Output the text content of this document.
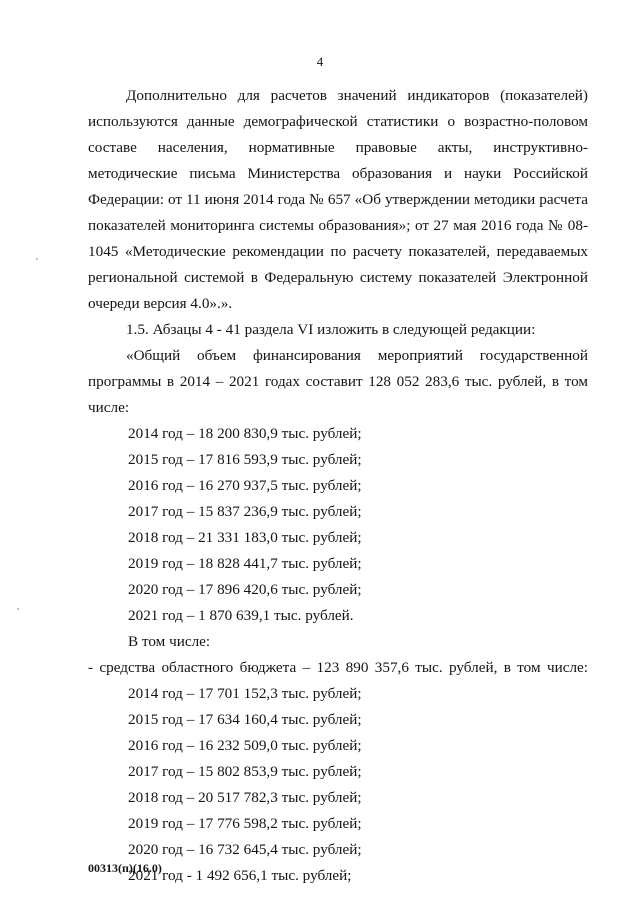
4

Дополнительно для расчетов значений индикаторов (показателей) используются данные демографической статистики о возрастно-половом составе населения, нормативные правовые акты, инструктивно-методические письма Министерства образования и науки Российской Федерации: от 11 июня 2014 года № 657 «Об утверждении методики расчета показателей мониторинга системы образования»; от 27 мая 2016 года № 08-1045 «Методические рекомендации по расчету показателей, передаваемых региональной системой в Федеральную систему показателей Электронной очереди версия 4.0».».

1.5. Абзацы 4 - 41 раздела VI изложить в следующей редакции:

«Общий объем финансирования мероприятий государственной программы в 2014 – 2021 годах составит 128 052 283,6 тыс. рублей, в том числе:

2014 год – 18 200 830,9 тыс. рублей;
2015 год – 17 816 593,9 тыс. рублей;
2016 год – 16 270 937,5 тыс. рублей;
2017 год – 15 837 236,9 тыс. рублей;
2018 год – 21 331 183,0 тыс. рублей;
2019 год – 18 828 441,7 тыс. рублей;
2020 год – 17 896 420,6 тыс. рублей;
2021 год – 1 870 639,1 тыс. рублей.
В том числе:
- средства областного бюджета – 123 890 357,6 тыс. рублей, в том числе:
2014 год – 17 701 152,3 тыс. рублей;
2015 год – 17 634 160,4 тыс. рублей;
2016 год – 16 232 509,0 тыс. рублей;
2017 год – 15 802 853,9 тыс. рублей;
2018 год – 20 517 782,3 тыс. рублей;
2019 год – 17 776 598,2 тыс. рублей;
2020 год – 16 732 645,4 тыс. рублей;
2021 год - 1 492 656,1 тыс. рублей;
00313(п)(16.0)
